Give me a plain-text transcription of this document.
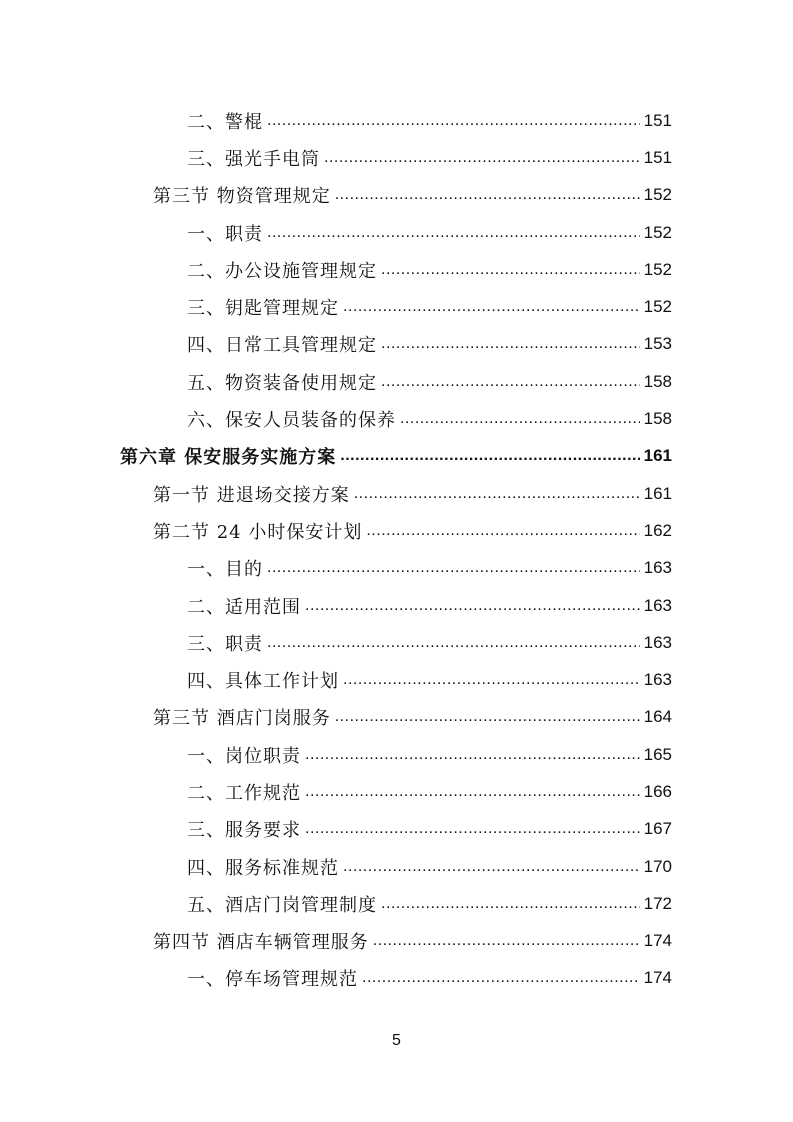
二、警棍 .....	151
三、强光手电筒 .....	151
第三节 物资管理规定 .....	152
一、职责 .....	152
二、办公设施管理规定 .....	152
三、钥匙管理规定 .....	152
四、日常工具管理规定 .....	153
五、物资装备使用规定 .....	158
六、保安人员装备的保养 .....	158
第六章 保安服务实施方案 .....	161
第一节 进退场交接方案 .....	161
第二节 24 小时保安计划 .....	162
一、目的 .....	163
二、适用范围 .....	163
三、职责 .....	163
四、具体工作计划 .....	163
第三节 酒店门岗服务 .....	164
一、岗位职责 .....	165
二、工作规范 .....	166
三、服务要求 .....	167
四、服务标准规范 .....	170
五、酒店门岗管理制度 .....	172
第四节 酒店车辆管理服务 .....	174
一、停车场管理规范 .....	174
5
